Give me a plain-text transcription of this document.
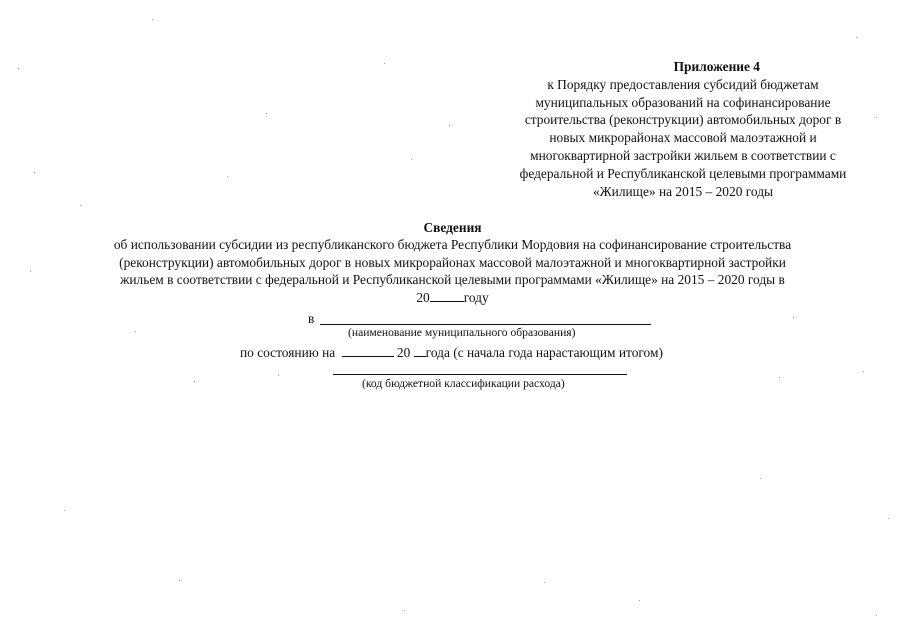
Приложение 4
к Порядку предоставления субсидий бюджетам
муниципальных образований на софинансирование
строительства (реконструкции) автомобильных дорог в
новых микрорайонах массовой малоэтажной и
многоквартирной застройки жильем в соответствии с
федеральной и Республиканской целевыми программами
«Жилище» на 2015 – 2020 годы
Сведения
об использовании субсидии из республиканского бюджета Республики Мордовия на софинансирование строительства
(реконструкции) автомобильных дорог в новых микрорайонах массовой малоэтажной и многоквартирной застройки
жильем в соответствии с федеральной и Республиканской целевыми программами «Жилище» на 2015 – 2020 годы в
20	году
в
(наименование муниципального образования)
по состоянию на	20 года (с начала года нарастающим итогом)
(код бюджетной классификации расхода)
